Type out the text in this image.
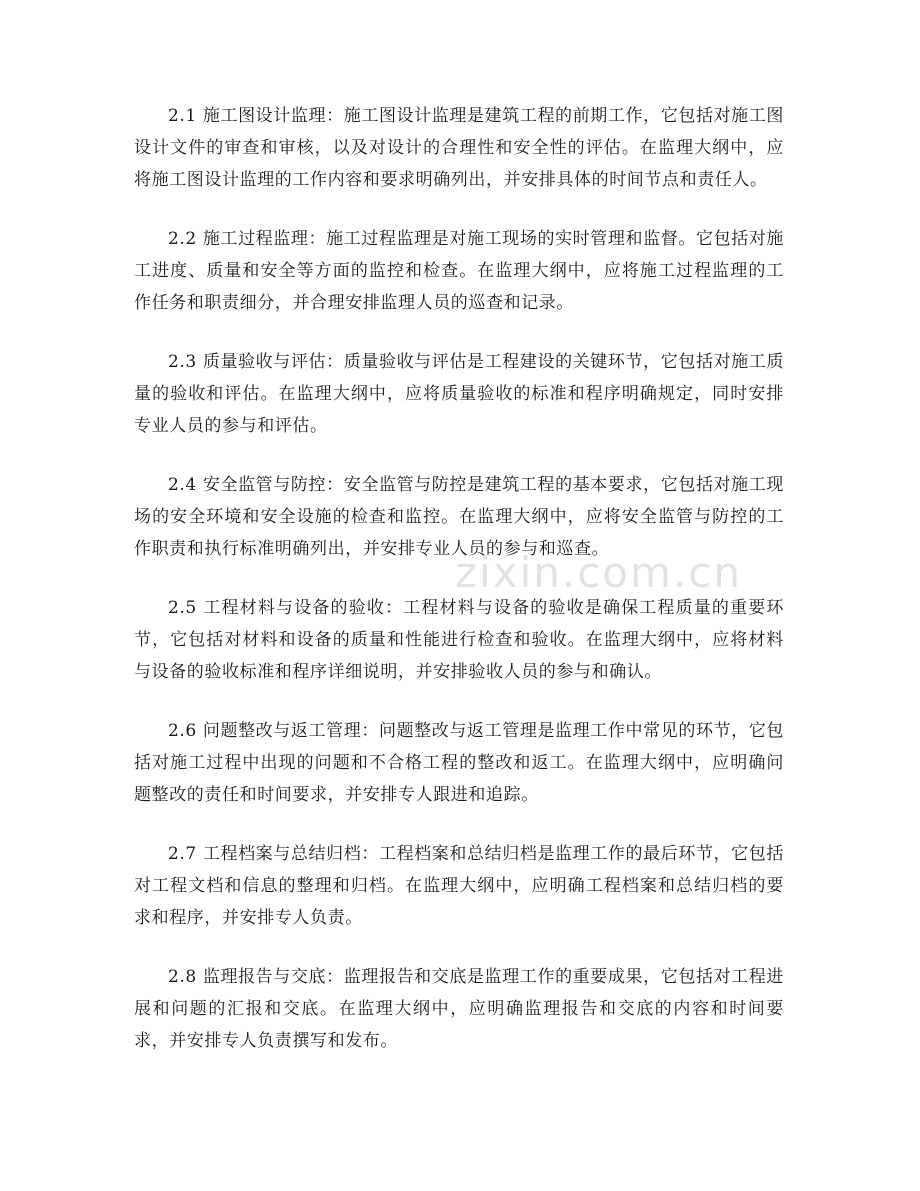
2.1 施工图设计监理：施工图设计监理是建筑工程的前期工作，它包括对施工图设计文件的审查和审核，以及对设计的合理性和安全性的评估。在监理大纲中，应将施工图设计监理的工作内容和要求明确列出，并安排具体的时间节点和责任人。

2.2 施工过程监理：施工过程监理是对施工现场的实时管理和监督。它包括对施工进度、质量和安全等方面的监控和检查。在监理大纲中，应将施工过程监理的工作任务和职责细分，并合理安排监理人员的巡查和记录。

2.3 质量验收与评估：质量验收与评估是工程建设的关键环节，它包括对施工质量的验收和评估。在监理大纲中，应将质量验收的标准和程序明确规定，同时安排专业人员的参与和评估。

2.4 安全监管与防控：安全监管与防控是建筑工程的基本要求，它包括对施工现场的安全环境和安全设施的检查和监控。在监理大纲中，应将安全监管与防控的工作职责和执行标准明确列出，并安排专业人员的参与和巡查。

2.5 工程材料与设备的验收：工程材料与设备的验收是确保工程质量的重要环节，它包括对材料和设备的质量和性能进行检查和验收。在监理大纲中，应将材料与设备的验收标准和程序详细说明，并安排验收人员的参与和确认。

2.6 问题整改与返工管理：问题整改与返工管理是监理工作中常见的环节，它包括对施工过程中出现的问题和不合格工程的整改和返工。在监理大纲中，应明确问题整改的责任和时间要求，并安排专人跟进和追踪。

2.7 工程档案与总结归档：工程档案和总结归档是监理工作的最后环节，它包括对工程文档和信息的整理和归档。在监理大纲中，应明确工程档案和总结归档的要求和程序，并安排专人负责。

2.8 监理报告与交底：监理报告和交底是监理工作的重要成果，它包括对工程进展和问题的汇报和交底。在监理大纲中，应明确监理报告和交底的内容和时间要求，并安排专人负责撰写和发布。

zixin.com.cn
